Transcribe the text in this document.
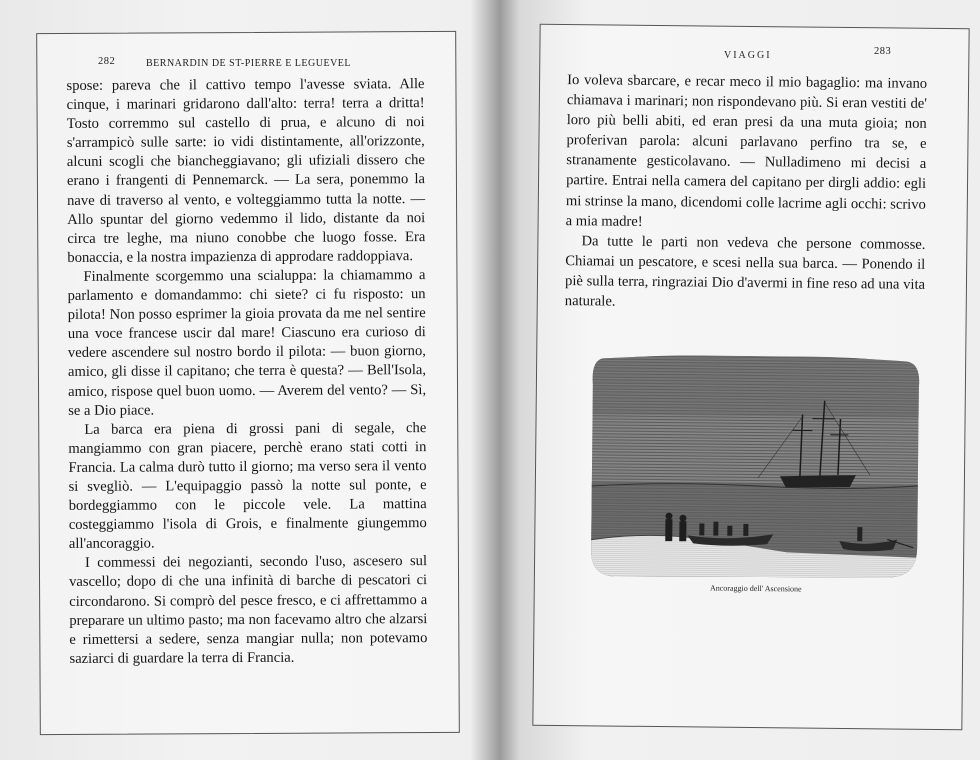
282	BERNARDIN DE ST-PIERRE E LEGUEVEL

spose: pareva che il cattivo tempo l'avesse sviata. Alle cinque, i marinari gridarono dall'alto: terra! terra a dritta! Tosto corremmo sul castello di prua, e alcuno di noi s'arrampicò sulle sarte: io vidi distintamente, all'orizzonte, alcuni scogli che biancheggiavano; gli ufiziali dissero che erano i frangenti di Pennemarck. — La sera, ponemmo la nave di traverso al vento, e volteggiammo tutta la notte. — Allo spuntar del giorno vedemmo il lido, distante da noi circa tre leghe, ma niuno conobbe che luogo fosse. Era bonaccia, e la nostra impazienza di approdare raddoppiava.

Finalmente scorgemmo una scialuppa: la chiamammo a parlamento e domandammo: chi siete? ci fu risposto: un pilota! Non posso esprimer la gioia provata da me nel sentire una voce francese uscir dal mare! Ciascuno era curioso di vedere ascendere sul nostro bordo il pilota: — buon giorno, amico, gli disse il capitano; che terra è questa? — Bell'Isola, amico, rispose quel buon uomo. — Averem del vento? — Sì, se a Dio piace.

La barca era piena di grossi pani di segale, che mangiammo con gran piacere, perchè erano stati cotti in Francia. La calma durò tutto il giorno; ma verso sera il vento si svegliò. — L'equipaggio passò la notte sul ponte, e bordeggiammo con le piccole vele. La mattina costeggiammo l'isola di Grois, e finalmente giungemmo all'ancoraggio.

I commessi dei negozianti, secondo l'uso, ascesero sul vascello; dopo di che una infinità di barche di pescatori ci circondarono. Si comprò del pesce fresco, e ci affrettammo a preparare un ultimo pasto; ma non facevamo altro che alzarsi e rimettersi a sedere, senza mangiar nulla; non potevamo saziarci di guardare la terra di Francia.

VIAGGI	283

Io voleva sbarcare, e recar meco il mio bagaglio: ma invano chiamava i marinari; non rispondevano più. Si eran vestiti de' loro più belli abiti, ed eran presi da una muta gioia; non proferivan parola: alcuni parlavano perfino tra se, e stranamente gesticolavano. — Nulladimeno mi decisi a partire. Entrai nella camera del capitano per dirgli addio: egli mi strinse la mano, dicendomi colle lacrime agli occhi: scrivo a mia madre!

Da tutte le parti non vedeva che persone commosse. Chiamai un pescatore, e scesi nella sua barca. — Ponendo il piè sulla terra, ringraziai Dio d'avermi in fine reso ad una vita naturale.

Ancoraggio dell' Ascensione
